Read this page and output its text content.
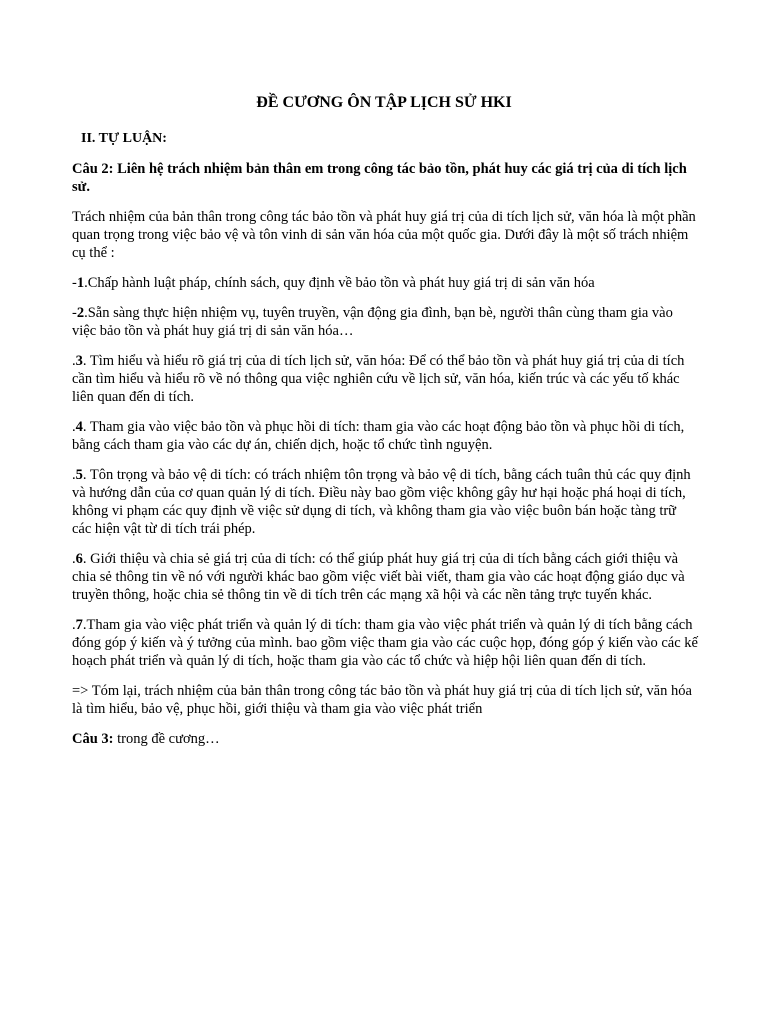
ĐỀ CƯƠNG ÔN TẬP LỊCH SỬ HKI
II. TỰ LUẬN:

Câu 2: Liên hệ trách nhiệm bản thân em trong công tác bảo tồn, phát huy các giá trị của di tích lịch sử.

Trách nhiệm của bản thân trong công tác bảo tồn và phát huy giá trị của di tích lịch sử, văn hóa là một phần quan trọng trong việc bảo vệ và tôn vinh di sản văn hóa của một quốc gia. Dưới đây là một số trách nhiệm cụ thể :

-1.Chấp hành luật pháp, chính sách, quy định về bảo tồn và phát huy giá trị di sản văn hóa

-2.Sẵn sàng thực hiện nhiệm vụ, tuyên truyền, vận động gia đình, bạn bè, người thân cùng tham gia vào việc bảo tồn và phát huy giá trị di sản văn hóa…

.3. Tìm hiểu và hiểu rõ giá trị của di tích lịch sử, văn hóa: Để có thể bảo tồn và phát huy giá trị của di tích cần tìm hiểu và hiểu rõ về nó thông qua việc nghiên cứu về lịch sử, văn hóa, kiến trúc và các yếu tố khác liên quan đến di tích.

.4. Tham gia vào việc bảo tồn và phục hồi di tích: tham gia vào các hoạt động bảo tồn và phục hồi di tích, bằng cách tham gia vào các dự án, chiến dịch, hoặc tổ chức tình nguyện.

.5. Tôn trọng và bảo vệ di tích: có trách nhiệm tôn trọng và bảo vệ di tích, bằng cách tuân thủ các quy định và hướng dẫn của cơ quan quản lý di tích. Điều này bao gồm việc không gây hư hại hoặc phá hoại di tích, không vi phạm các quy định về việc sử dụng di tích, và không tham gia vào việc buôn bán hoặc tàng trữ các hiện vật từ di tích trái phép.

.6. Giới thiệu và chia sẻ giá trị của di tích: có thể giúp phát huy giá trị của di tích bằng cách giới thiệu và chia sẻ thông tin về nó với người khác bao gồm việc viết bài viết, tham gia vào các hoạt động giáo dục và truyền thông, hoặc chia sẻ thông tin về di tích trên các mạng xã hội và các nền tảng trực tuyến khác.

.7.Tham gia vào việc phát triển và quản lý di tích: tham gia vào việc phát triển và quản lý di tích bằng cách đóng góp ý kiến và ý tưởng của mình. bao gồm việc tham gia vào các cuộc họp, đóng góp ý kiến vào các kế hoạch phát triển và quản lý di tích, hoặc tham gia vào các tổ chức và hiệp hội liên quan đến di tích.

=> Tóm lại, trách nhiệm của bản thân trong công tác bảo tồn và phát huy giá trị của di tích lịch sử, văn hóa là tìm hiểu, bảo vệ, phục hồi, giới thiệu và tham gia vào việc phát triển

Câu 3: trong đề cương…
